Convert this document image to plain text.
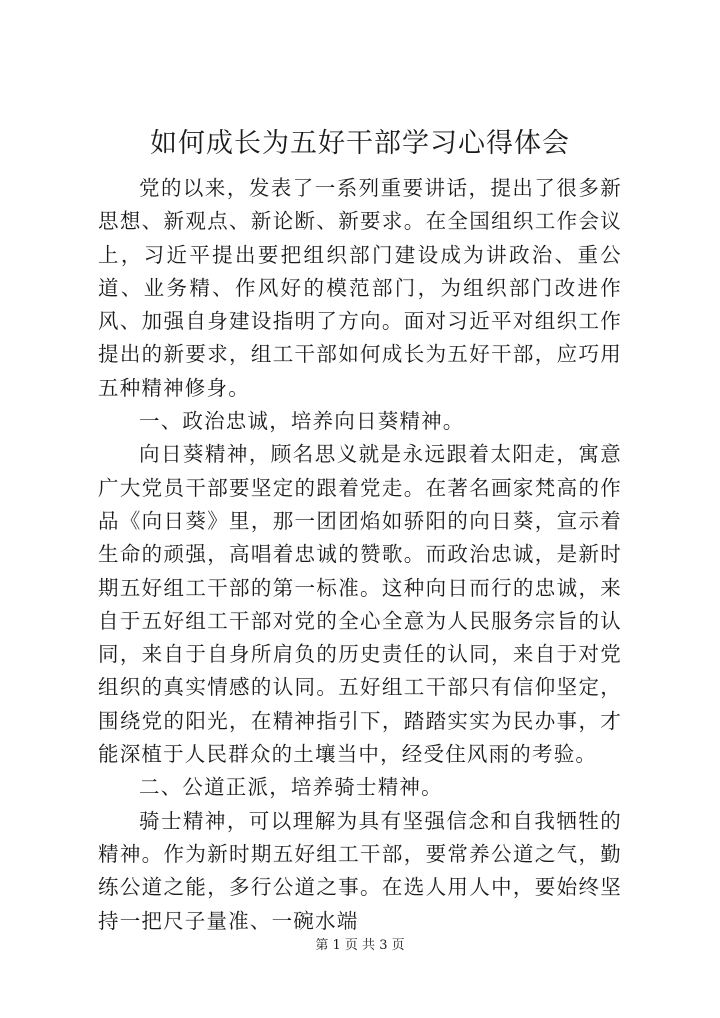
如何成长为五好干部学习心得体会

党的以来，发表了一系列重要讲话，提出了很多新思想、新观点、新论断、新要求。在全国组织工作会议上，习近平提出要把组织部门建设成为讲政治、重公道、业务精、作风好的模范部门，为组织部门改进作风、加强自身建设指明了方向。面对习近平对组织工作提出的新要求，组工干部如何成长为五好干部，应巧用五种精神修身。

一、政治忠诚，培养向日葵精神。

向日葵精神，顾名思义就是永远跟着太阳走，寓意广大党员干部要坚定的跟着党走。在著名画家梵高的作品《向日葵》里，那一团团焰如骄阳的向日葵，宣示着生命的顽强，高唱着忠诚的赞歌。而政治忠诚，是新时期五好组工干部的第一标准。这种向日而行的忠诚，来自于五好组工干部对党的全心全意为人民服务宗旨的认同，来自于自身所肩负的历史责任的认同，来自于对党组织的真实情感的认同。五好组工干部只有信仰坚定，围绕党的阳光，在精神指引下，踏踏实实为民办事，才能深植于人民群众的土壤当中，经受住风雨的考验。

二、公道正派，培养骑士精神。

骑士精神，可以理解为具有坚强信念和自我牺牲的精神。作为新时期五好组工干部，要常养公道之气，勤练公道之能，多行公道之事。在选人用人中，要始终坚持一把尺子量准、一碗水端

第 1 页 共 3 页
